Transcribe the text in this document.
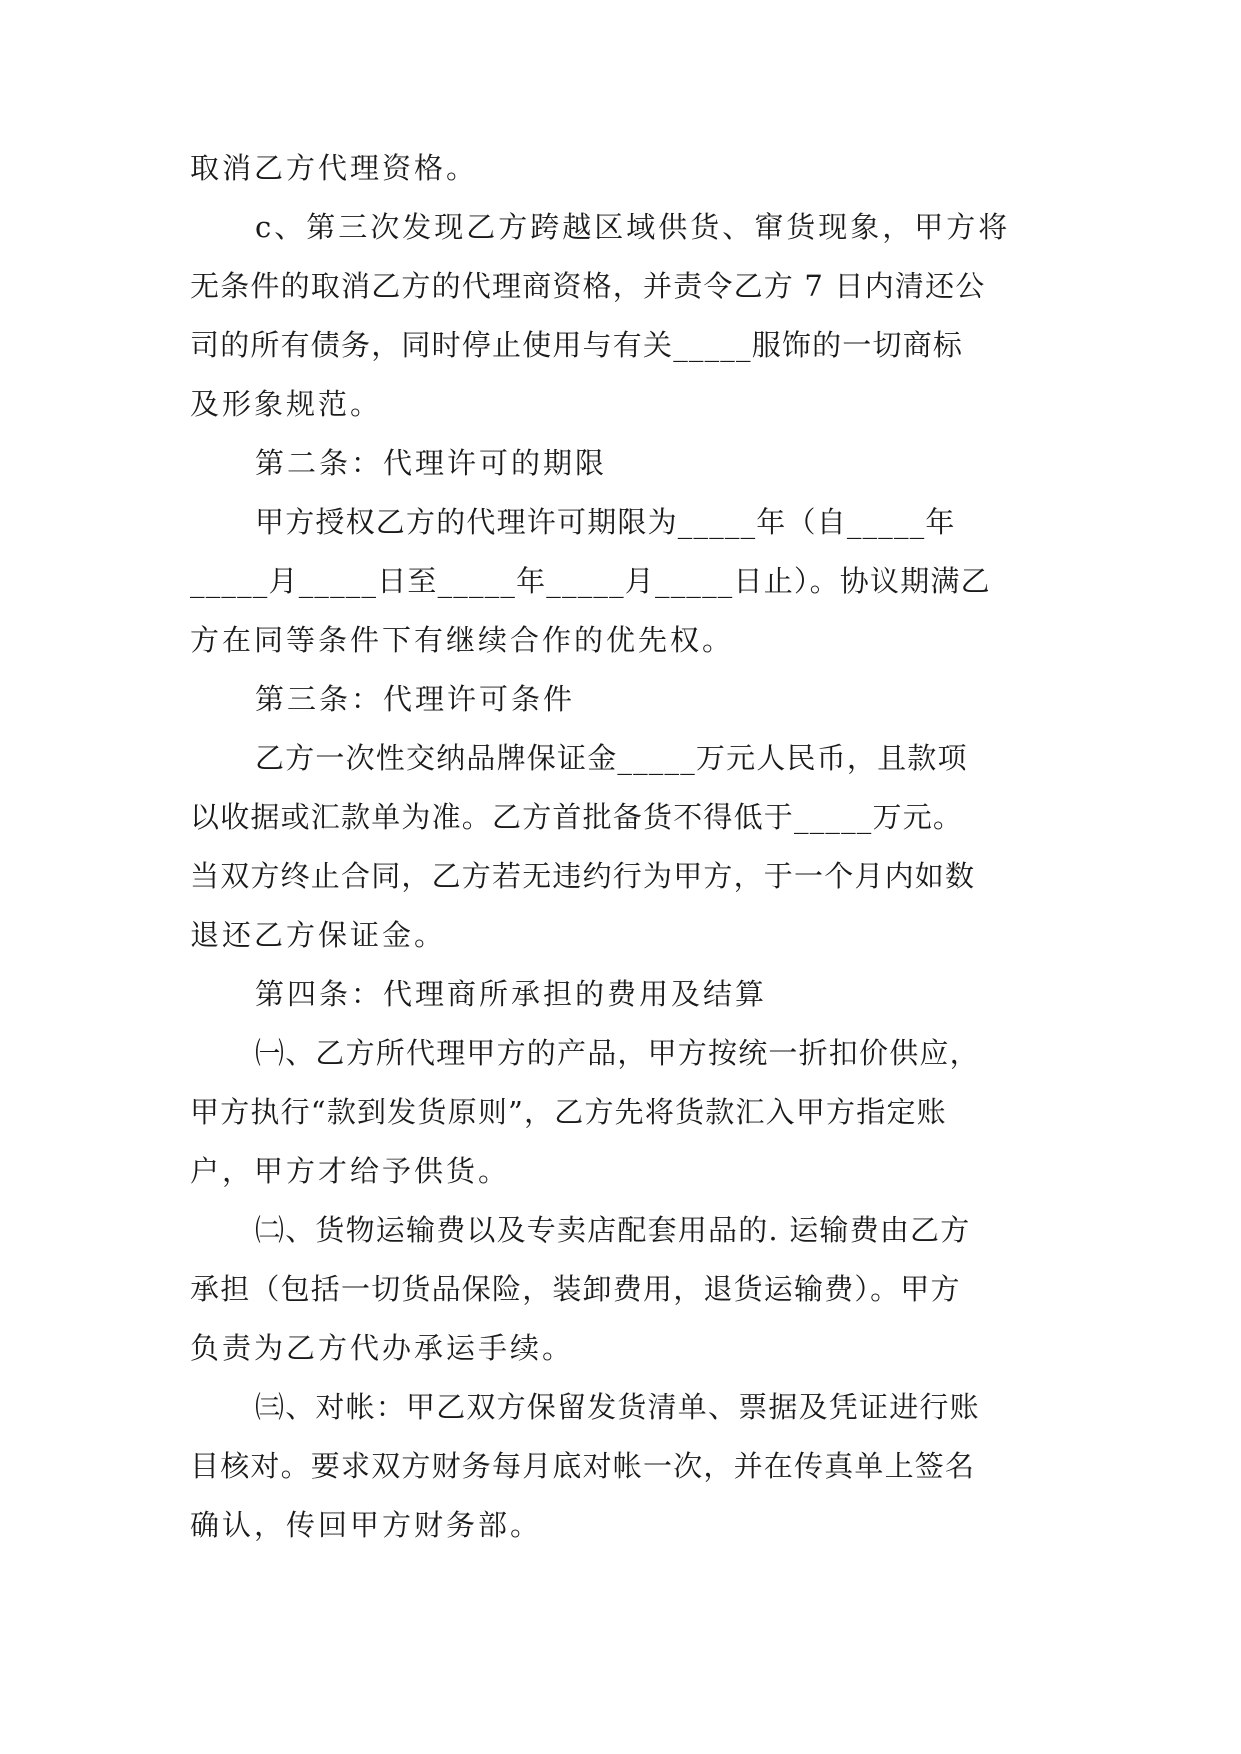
取消乙方代理资格。
c、第三次发现乙方跨越区域供货、窜货现象，甲方将
无条件的取消乙方的代理商资格，并责令乙方 7 日内清还公
司的所有债务，同时停止使用与有关_____服饰的一切商标
及形象规范。
第二条：代理许可的期限
甲方授权乙方的代理许可期限为_____年（自_____年
_____月_____日至_____年_____月_____日止）。协议期满乙
方在同等条件下有继续合作的优先权。
第三条：代理许可条件
乙方一次性交纳品牌保证金_____万元人民币，且款项
以收据或汇款单为准。乙方首批备货不得低于_____万元。
当双方终止合同，乙方若无违约行为甲方，于一个月内如数
退还乙方保证金。
第四条：代理商所承担的费用及结算
㈠、乙方所代理甲方的产品，甲方按统一折扣价供应，
甲方执行“款到发货原则”，乙方先将货款汇入甲方指定账
户，甲方才给予供货。
㈡、货物运输费以及专卖店配套用品的. 运输费由乙方
承担（包括一切货品保险，装卸费用，退货运输费）。甲方
负责为乙方代办承运手续。
㈢、对帐：甲乙双方保留发货清单、票据及凭证进行账
目核对。要求双方财务每月底对帐一次，并在传真单上签名
确认，传回甲方财务部。
